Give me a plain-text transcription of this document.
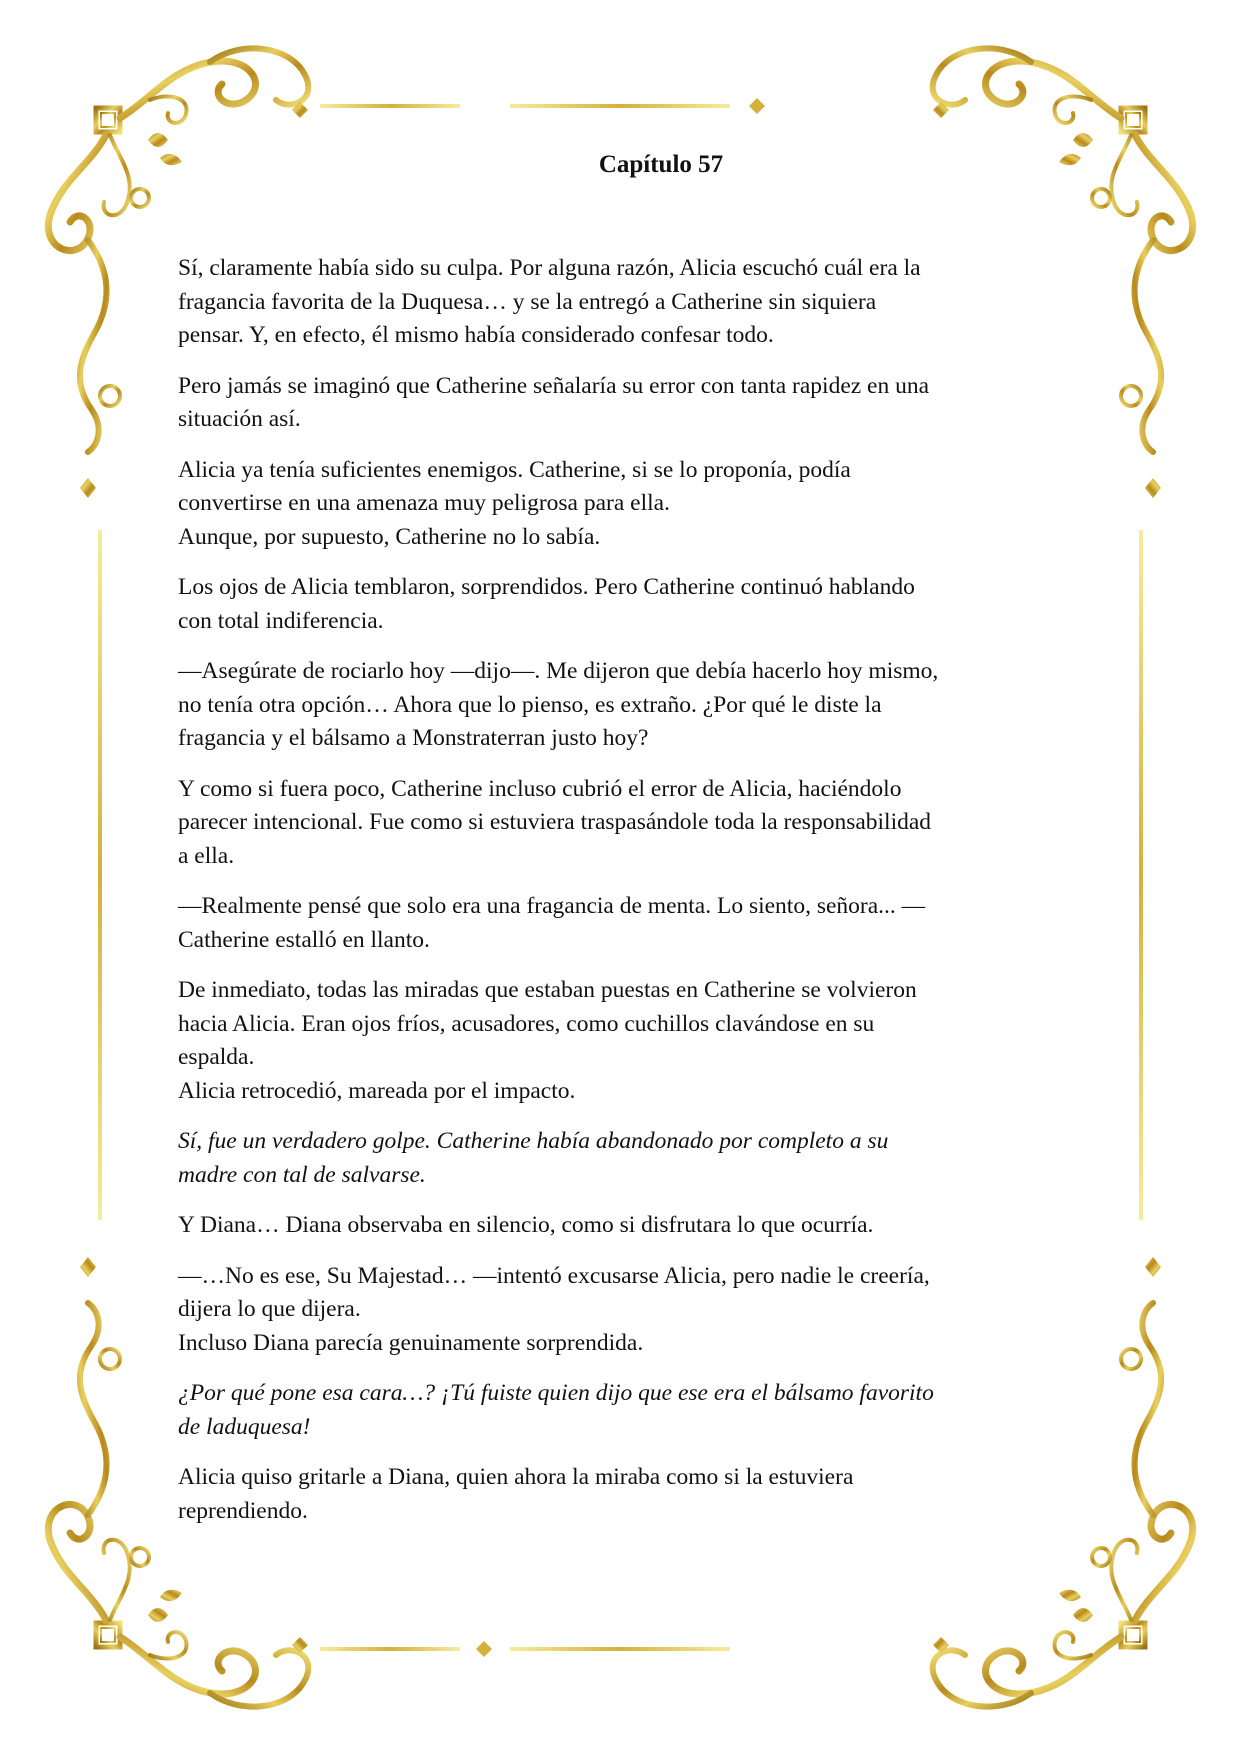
Capítulo 57

Sí, claramente había sido su culpa. Por alguna razón, Alicia escuchó cuál era la
fragancia favorita de la Duquesa… y se la entregó a Catherine sin siquiera
pensar. Y, en efecto, él mismo había considerado confesar todo.

Pero jamás se imaginó que Catherine señalaría su error con tanta rapidez en una
situación así.

Alicia ya tenía suficientes enemigos. Catherine, si se lo proponía, podía
convertirse en una amenaza muy peligrosa para ella.
Aunque, por supuesto, Catherine no lo sabía.

Los ojos de Alicia temblaron, sorprendidos. Pero Catherine continuó hablando
con total indiferencia.

—Asegúrate de rociarlo hoy —dijo—. Me dijeron que debía hacerlo hoy mismo,
no tenía otra opción… Ahora que lo pienso, es extraño. ¿Por qué le diste la
fragancia y el bálsamo a Monstraterran justo hoy?

Y como si fuera poco, Catherine incluso cubrió el error de Alicia, haciéndolo
parecer intencional. Fue como si estuviera traspasándole toda la responsabilidad
a ella.

—Realmente pensé que solo era una fragancia de menta. Lo siento, señora... —
Catherine estalló en llanto.

De inmediato, todas las miradas que estaban puestas en Catherine se volvieron
hacia Alicia. Eran ojos fríos, acusadores, como cuchillos clavándose en su
espalda.
Alicia retrocedió, mareada por el impacto.

Sí, fue un verdadero golpe. Catherine había abandonado por completo a su
madre con tal de salvarse.

Y Diana… Diana observaba en silencio, como si disfrutara lo que ocurría.

—…No es ese, Su Majestad… —intentó excusarse Alicia, pero nadie le creería,
dijera lo que dijera.
Incluso Diana parecía genuinamente sorprendida.

¿Por qué pone esa cara…? ¡Tú fuiste quien dijo que ese era el bálsamo favorito
de laduquesa!

Alicia quiso gritarle a Diana, quien ahora la miraba como si la estuviera
reprendiendo.
